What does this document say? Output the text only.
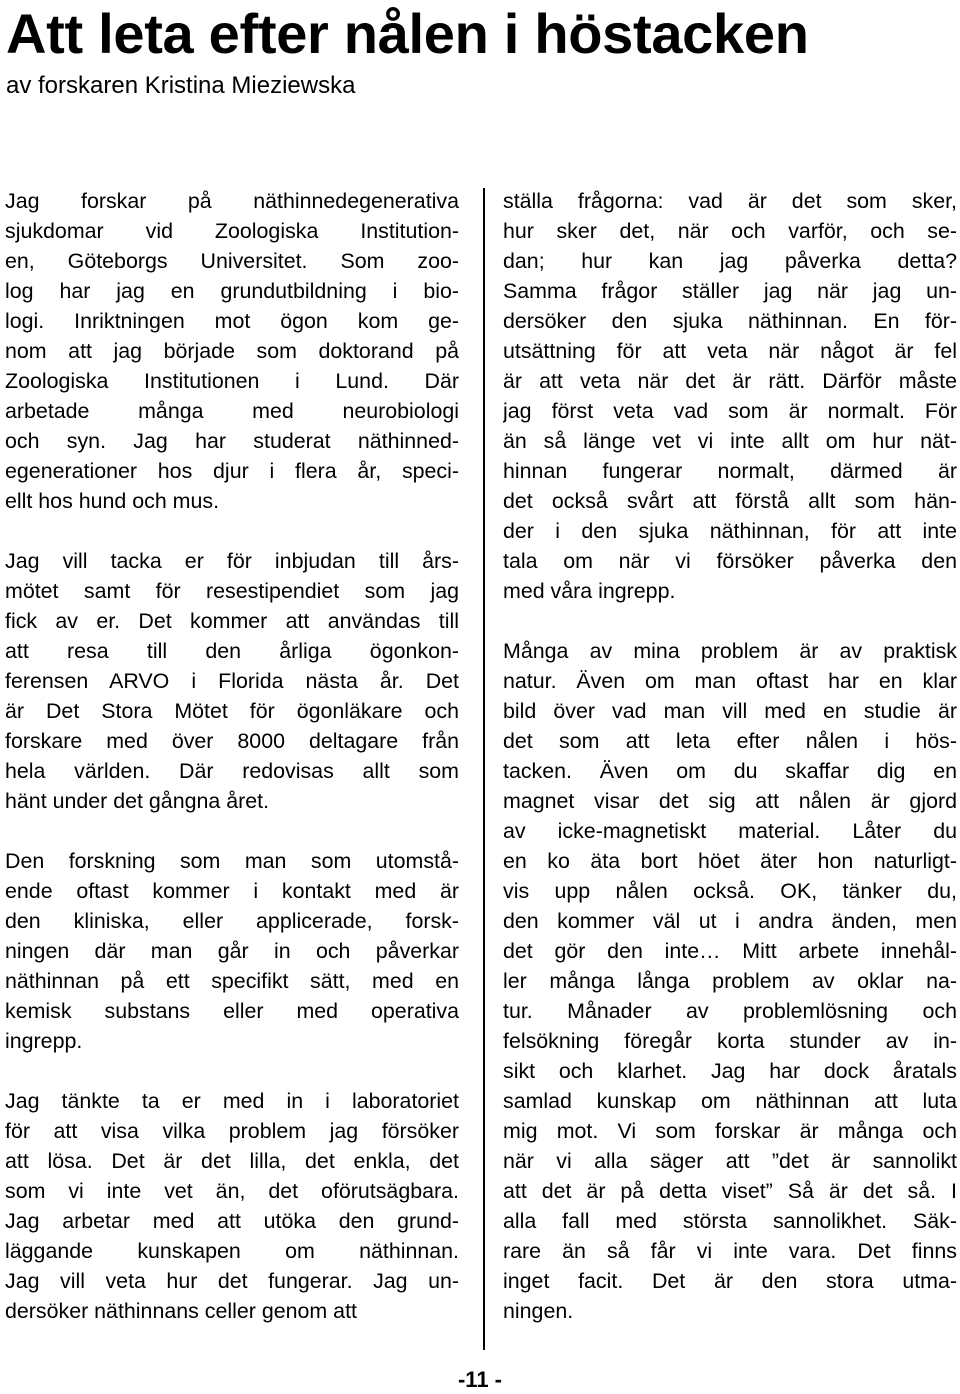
Att leta efter nålen i höstacken
av forskaren Kristina Mieziewska
Jag forskar på näthinnedegenerativa
sjukdomar vid Zoologiska Institution-
en, Göteborgs Universitet. Som zoo-
log har jag en grundutbildning i bio-
logi. Inriktningen mot ögon kom ge-
nom att jag började som doktorand på
Zoologiska Institutionen i Lund. Där
arbetade många med neurobiologi
och syn. Jag har studerat näthinned-
egenerationer hos djur i flera år, speci-
ellt hos hund och mus.
Jag vill tacka er för inbjudan till års-
mötet samt för resestipendiet som jag
fick av er. Det kommer att användas till
att resa till den årliga ögonkon-
ferensen ARVO i Florida nästa år. Det
är Det Stora Mötet för ögonläkare och
forskare med över 8000 deltagare från
hela världen. Där redovisas allt som
hänt under det gångna året.
Den forskning som man som utomstå-
ende oftast kommer i kontakt med är
den kliniska, eller applicerade, forsk-
ningen där man går in och påverkar
näthinnan på ett specifikt sätt, med en
kemisk substans eller med operativa
ingrepp.
Jag tänkte ta er med in i laboratoriet
för att visa vilka problem jag försöker
att lösa. Det är det lilla, det enkla, det
som vi inte vet än, det oförutsägbara.
Jag arbetar med att utöka den grund-
läggande kunskapen om näthinnan.
Jag vill veta hur det fungerar. Jag un-
dersöker näthinnans celler genom att
ställa frågorna: vad är det som sker,
hur sker det, när och varför, och se-
dan; hur kan jag påverka detta?
Samma frågor ställer jag när jag un-
dersöker den sjuka näthinnan. En för-
utsättning för att veta när något är fel
är att veta när det är rätt. Därför måste
jag först veta vad som är normalt. För
än så länge vet vi inte allt om hur nät-
hinnan fungerar normalt, därmed är
det också svårt att förstå allt som hän-
der i den sjuka näthinnan, för att inte
tala om när vi försöker påverka den
med våra ingrepp.
Många av mina problem är av praktisk
natur. Även om man oftast har en klar
bild över vad man vill med en studie är
det som att leta efter nålen i hös-
tacken. Även om du skaffar dig en
magnet visar det sig att nålen är gjord
av icke-magnetiskt material. Låter du
en ko äta bort höet äter hon naturligt-
vis upp nålen också. OK, tänker du,
den kommer väl ut i andra änden, men
det gör den inte… Mitt arbete innehål-
ler många långa problem av oklar na-
tur. Månader av problemlösning och
felsökning föregår korta stunder av in-
sikt och klarhet. Jag har dock åratals
samlad kunskap om näthinnan att luta
mig mot. Vi som forskar är många och
när vi alla säger att ”det är sannolikt
att det är på detta viset” Så är det så. I
alla fall med största sannolikhet. Säk-
rare än så får vi inte vara. Det finns
inget facit. Det är den stora utma-
ningen.
-11 -
